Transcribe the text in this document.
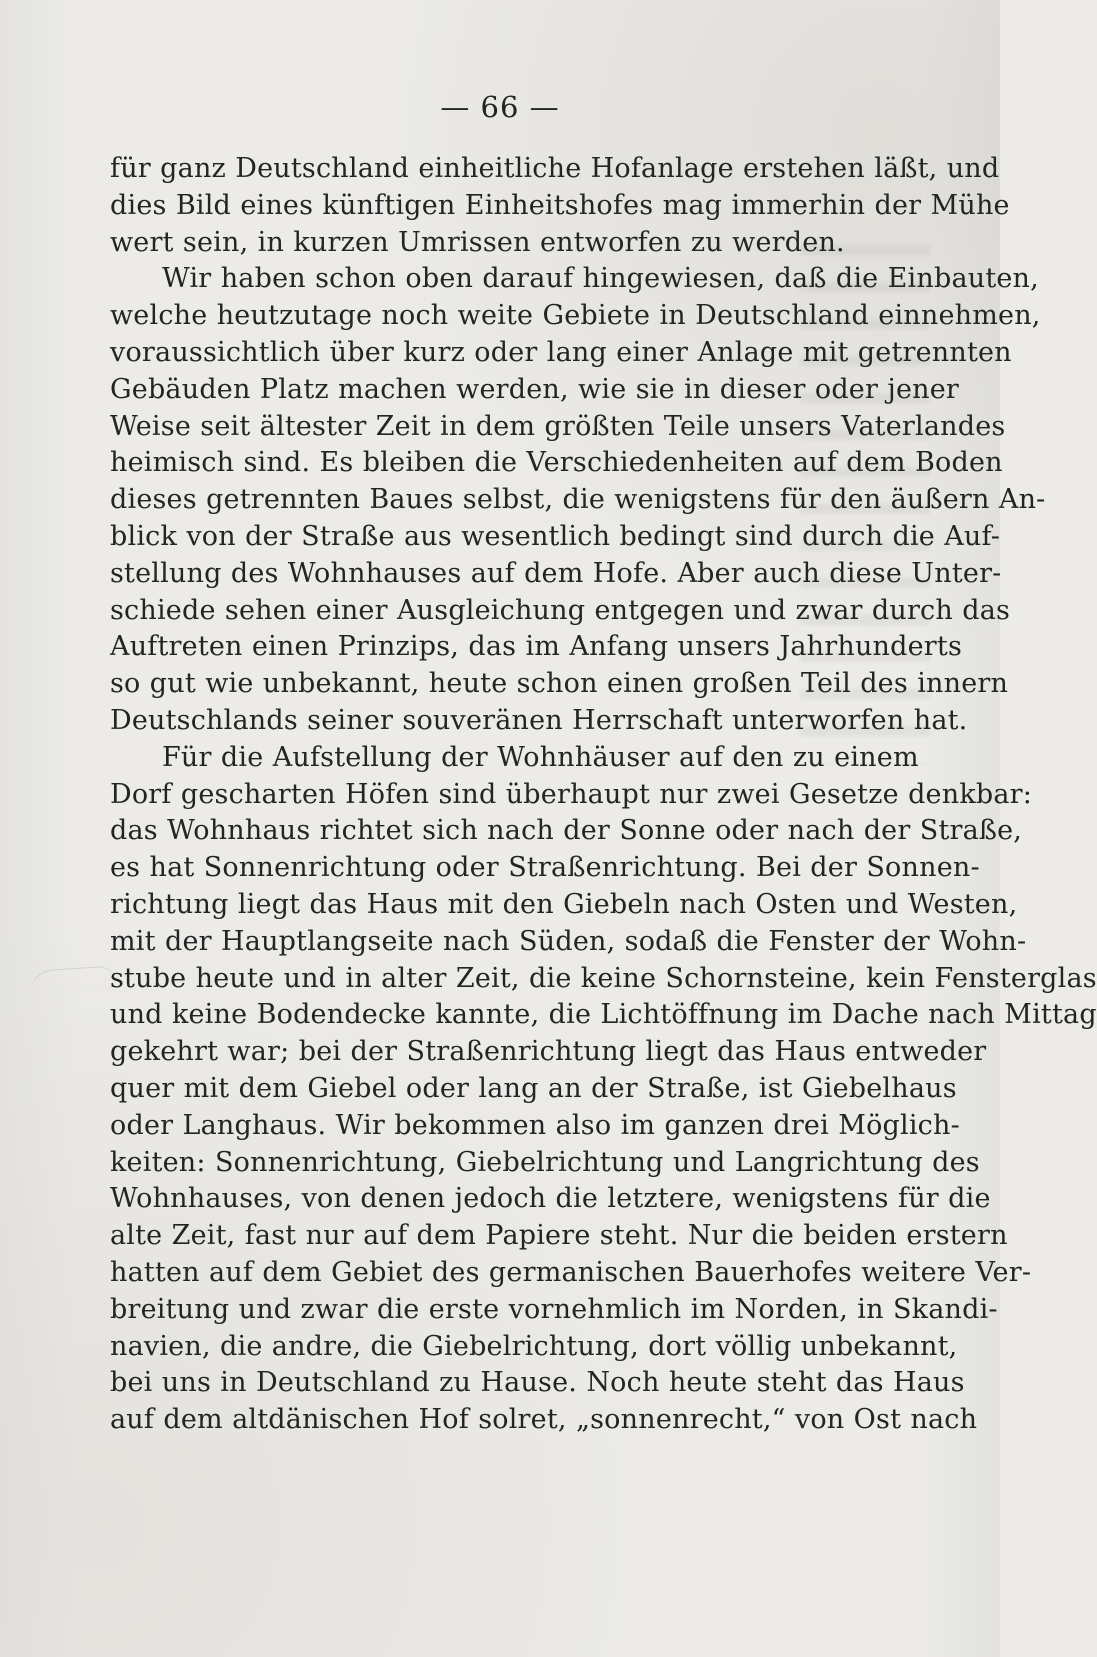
— 66 —
für ganz Deutschland einheitliche Hofanlage erstehen läßt, und
dies Bild eines künftigen Einheitshofes mag immerhin der Mühe
wert sein, in kurzen Umrissen entworfen zu werden.
Wir haben schon oben darauf hingewiesen, daß die Einbauten,
welche heutzutage noch weite Gebiete in Deutschland einnehmen,
voraussichtlich über kurz oder lang einer Anlage mit getrennten
Gebäuden Platz machen werden, wie sie in dieser oder jener
Weise seit ältester Zeit in dem größten Teile unsers Vaterlandes
heimisch sind. Es bleiben die Verschiedenheiten auf dem Boden
dieses getrennten Baues selbst, die wenigstens für den äußern An-
blick von der Straße aus wesentlich bedingt sind durch die Auf-
stellung des Wohnhauses auf dem Hofe. Aber auch diese Unter-
schiede sehen einer Ausgleichung entgegen und zwar durch das
Auftreten einen Prinzips, das im Anfang unsers Jahrhunderts
so gut wie unbekannt, heute schon einen großen Teil des innern
Deutschlands seiner souveränen Herrschaft unterworfen hat.
Für die Aufstellung der Wohnhäuser auf den zu einem
Dorf gescharten Höfen sind überhaupt nur zwei Gesetze denkbar:
das Wohnhaus richtet sich nach der Sonne oder nach der Straße,
es hat Sonnenrichtung oder Straßenrichtung. Bei der Sonnen-
richtung liegt das Haus mit den Giebeln nach Osten und Westen,
mit der Hauptlangseite nach Süden, sodaß die Fenster der Wohn-
stube heute und in alter Zeit, die keine Schornsteine, kein Fensterglas
und keine Bodendecke kannte, die Lichtöffnung im Dache nach Mittag
gekehrt war; bei der Straßenrichtung liegt das Haus entweder
quer mit dem Giebel oder lang an der Straße, ist Giebelhaus
oder Langhaus. Wir bekommen also im ganzen drei Möglich-
keiten: Sonnenrichtung, Giebelrichtung und Langrichtung des
Wohnhauses, von denen jedoch die letztere, wenigstens für die
alte Zeit, fast nur auf dem Papiere steht. Nur die beiden erstern
hatten auf dem Gebiet des germanischen Bauerhofes weitere Ver-
breitung und zwar die erste vornehmlich im Norden, in Skandi-
navien, die andre, die Giebelrichtung, dort völlig unbekannt,
bei uns in Deutschland zu Hause. Noch heute steht das Haus
auf dem altdänischen Hof solret, „sonnenrecht,“ von Ost nach
